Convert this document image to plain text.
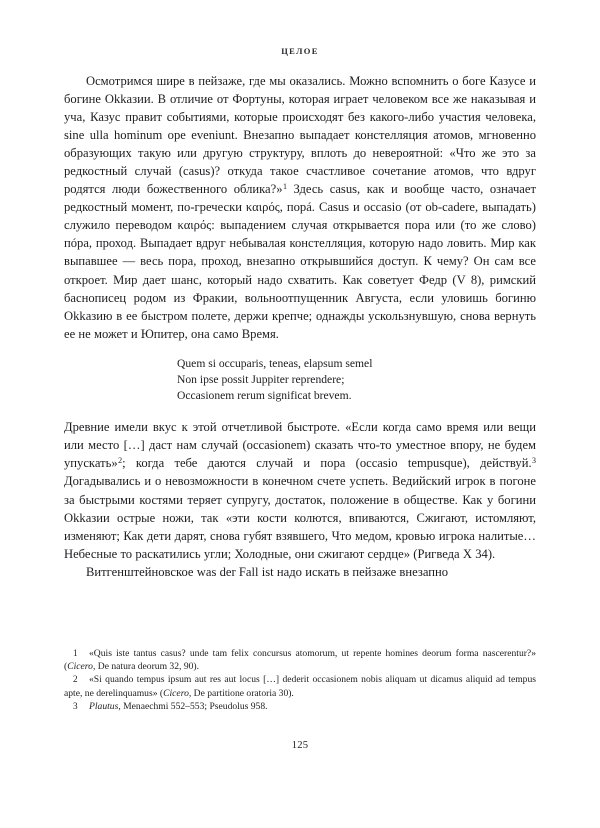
ЦЕЛОЕ

Осмотримся шире в пейзаже, где мы оказались. Можно вспомнить о боге Казусе и богине Okkaзии. В отличие от Фортуны, которая играет человеком все же наказывая и уча, Казус правит событиями, которые происходят без какого-либо участия человека, sine ulla hominum ope eveniunt. Внезапно выпадает констелляция атомов, мгновенно образующих такую или другую структуру, вплоть до невероятной: «Что же это за редкостный случай (casus)? откуда такое счастливое сочетание атомов, что вдруг родятся люди божественного облика?»$^1$ Здесь casus, как и вообще часто, означает редкостный момент, по-гречески καιρός, порá. Casus и occasio (от ob-cadere, выпадать) служило переводом καιρός: выпадением случая открывается пора или (то же слово) пóра, проход. Выпадает вдруг небывалая констелляция, которую надо ловить. Мир как выпавшее — весь пора, проход, внезапно открывшийся доступ. К чему? Он сам все откроет. Мир дает шанс, который надо схватить. Как советует Федр (V 8), римский баснописец родом из Фракии, вольноотпущенник Августа, если уловишь богиню Okkaзию в ее быстром полете, держи крепче; однажды ускользнувшую, снова вернуть ее не может и Юпитер, она само Время.

Quem si occuparis, teneas, elapsum semel
Non ipse possit Juppiter reprendere;
Occasionem rerum significat brevem.

Древние имели вкус к этой отчетливой быстроте. «Если когда само время или вещи или место […] даст нам случай (occasionem) сказать что-то уместное впору, не будем упускать»$^2$; когда тебе даются случай и пора (occasio tempusque), действуй.$^3$ Догадывались и о невозможности в конечном счете успеть. Ведийский игрок в погоне за быстрыми костями теряет супругу, достаток, положение в обществе. Как у богини Okkaзии острые ножи, так «эти кости колются, впиваются, Сжигают, истомляют, изменяют; Как дети дарят, снова губят взявшего, Что медом, кровью игрока налитые… Небесные то раскатились угли; Холодные, они сжигают сердце» (Ригведа X 34).

Витгенштейновское was der Fall ist надо искать в пейзаже внезапно

1 «Quis iste tantus casus? unde tam felix concursus atomorum, ut repente homines deorum forma nascerentur?» (Cicero, De natura deorum 32, 90).

2 «Si quando tempus ipsum aut res aut locus […] dederit occasionem nobis aliquam ut dicamus aliquid ad tempus apte, ne derelinquamus» (Cicero, De partitione oratoria 30).

3 Plautus, Menaechmi 552–553; Pseudolus 958.

125
